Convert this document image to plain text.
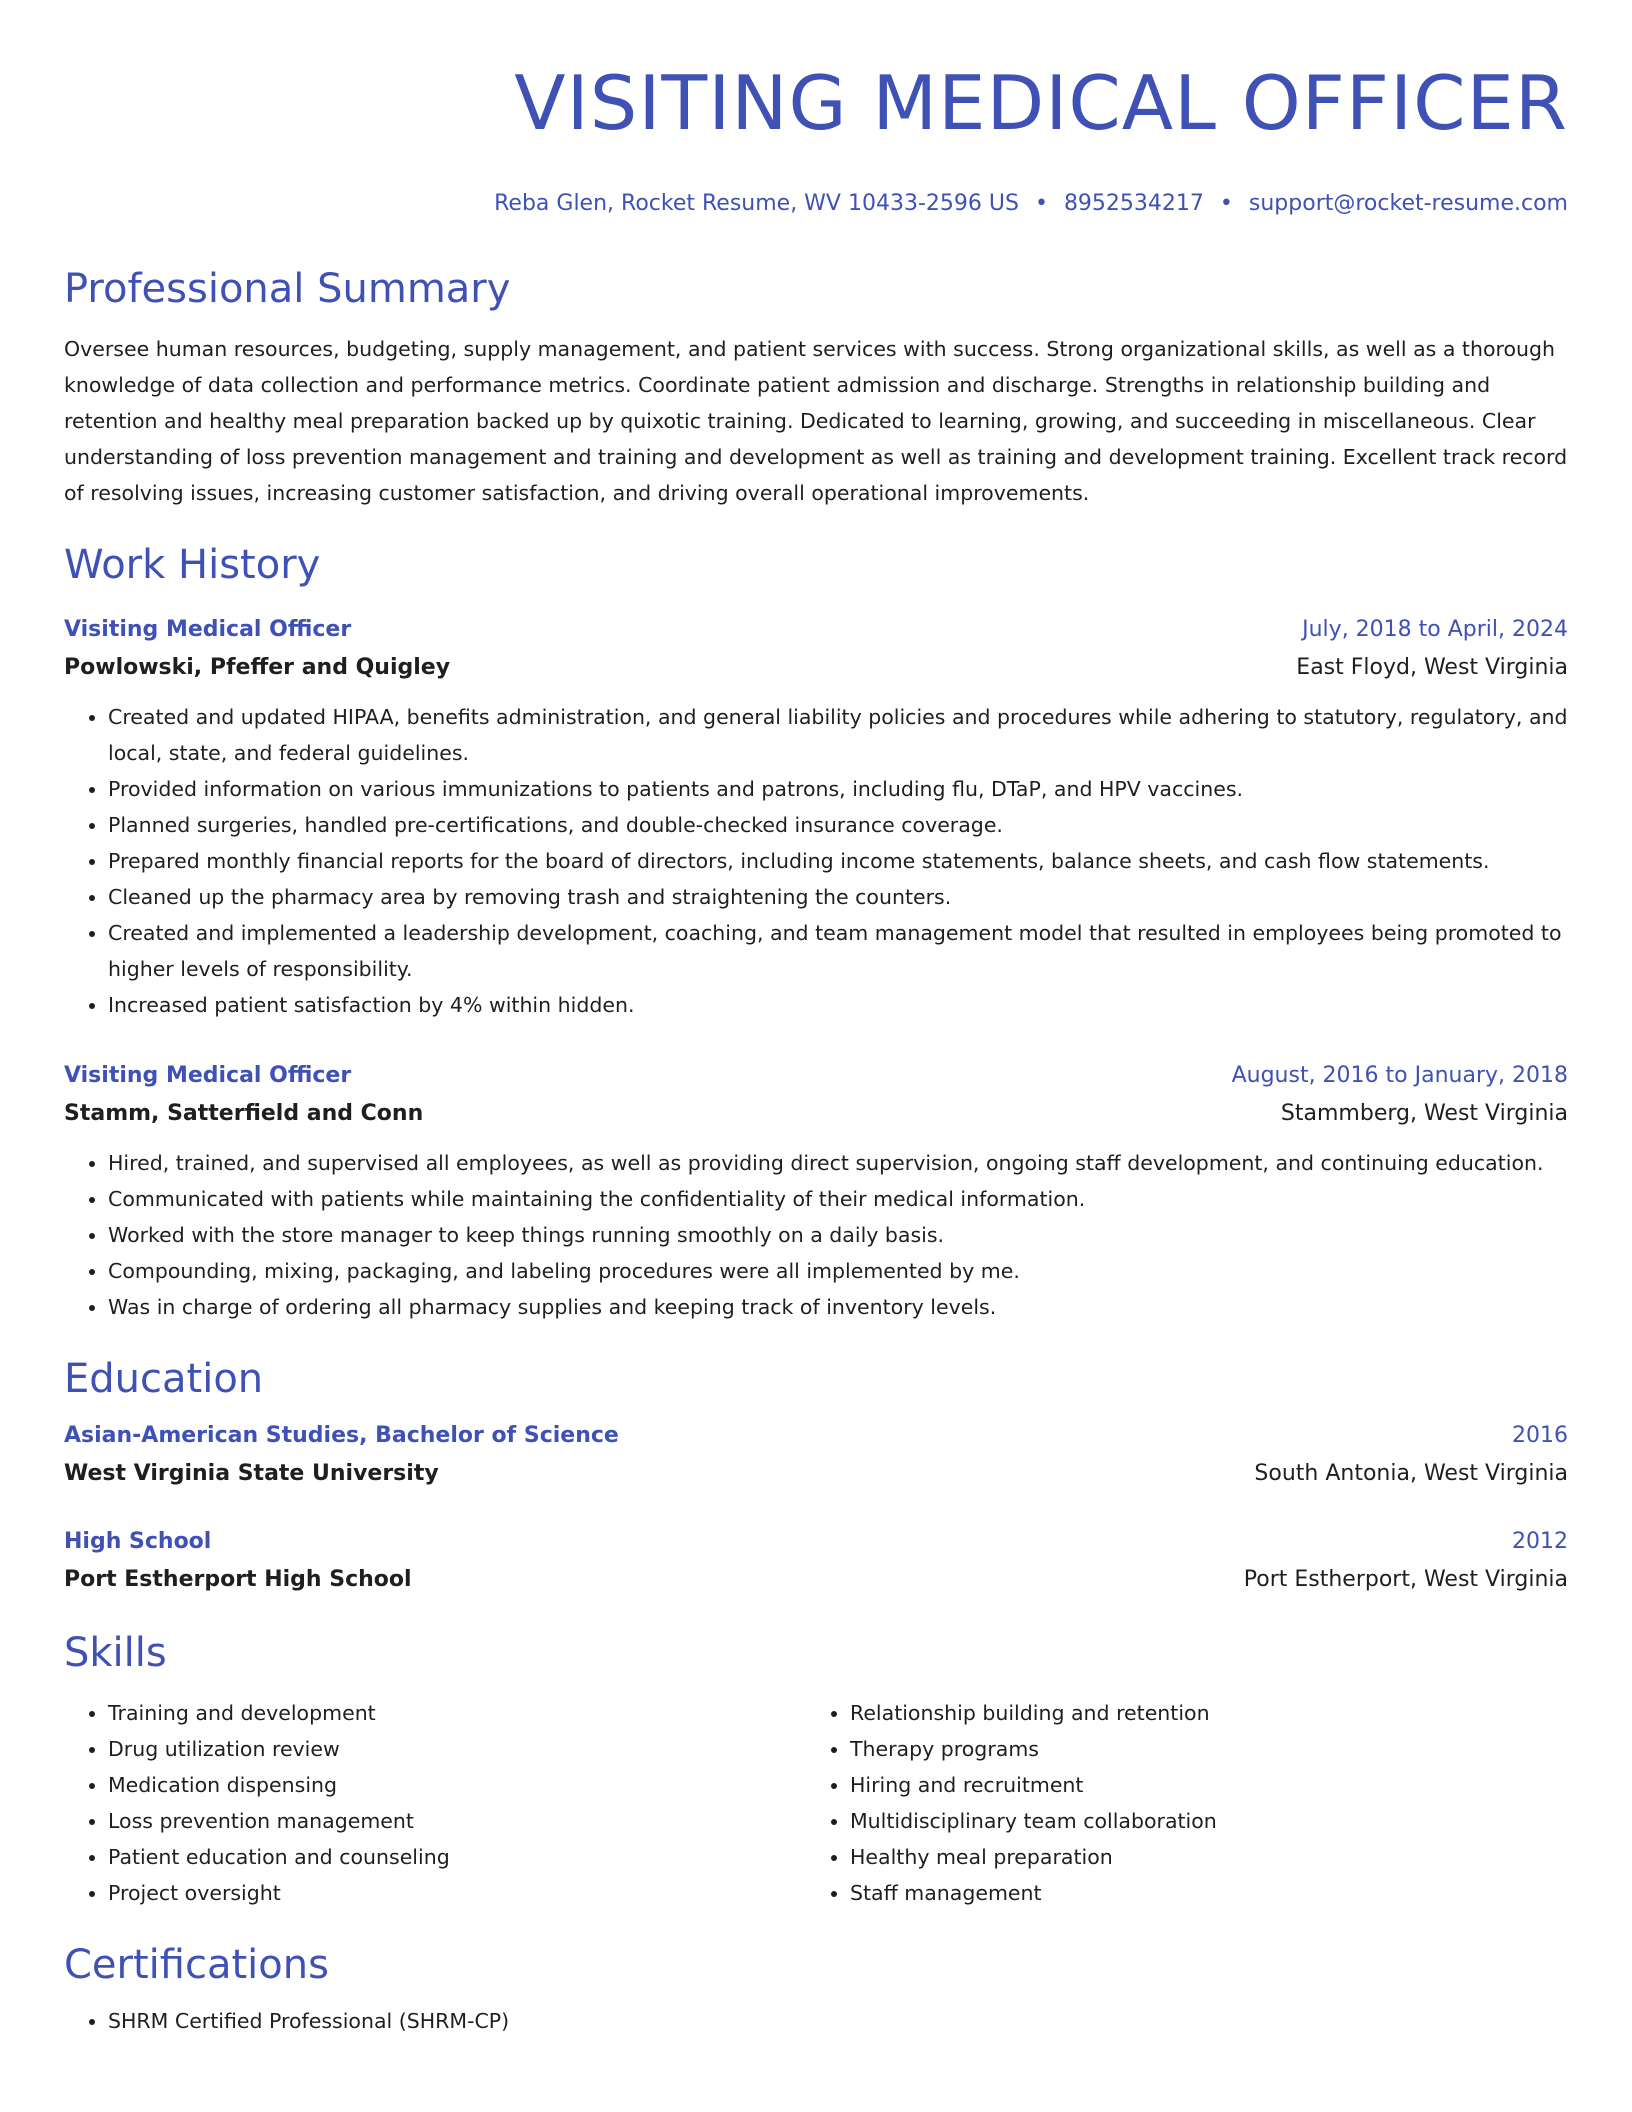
VISITING MEDICAL OFFICER
Reba Glen, Rocket Resume, WV 10433-2596 US • 8952534217 • support@rocket-resume.com
Professional Summary
Oversee human resources, budgeting, supply management, and patient services with success. Strong organizational skills, as well as a thorough knowledge of data collection and performance metrics. Coordinate patient admission and discharge. Strengths in relationship building and retention and healthy meal preparation backed up by quixotic training. Dedicated to learning, growing, and succeeding in miscellaneous. Clear understanding of loss prevention management and training and development as well as training and development training. Excellent track record of resolving issues, increasing customer satisfaction, and driving overall operational improvements.
Work History
Visiting Medical Officer	July, 2018 to April, 2024
Powlowski, Pfeffer and Quigley	East Floyd, West Virginia
• Created and updated HIPAA, benefits administration, and general liability policies and procedures while adhering to statutory, regulatory, and local, state, and federal guidelines.
• Provided information on various immunizations to patients and patrons, including flu, DTaP, and HPV vaccines.
• Planned surgeries, handled pre-certifications, and double-checked insurance coverage.
• Prepared monthly financial reports for the board of directors, including income statements, balance sheets, and cash flow statements.
• Cleaned up the pharmacy area by removing trash and straightening the counters.
• Created and implemented a leadership development, coaching, and team management model that resulted in employees being promoted to higher levels of responsibility.
• Increased patient satisfaction by 4% within hidden.
Visiting Medical Officer	August, 2016 to January, 2018
Stamm, Satterfield and Conn	Stammberg, West Virginia
• Hired, trained, and supervised all employees, as well as providing direct supervision, ongoing staff development, and continuing education.
• Communicated with patients while maintaining the confidentiality of their medical information.
• Worked with the store manager to keep things running smoothly on a daily basis.
• Compounding, mixing, packaging, and labeling procedures were all implemented by me.
• Was in charge of ordering all pharmacy supplies and keeping track of inventory levels.
Education
Asian-American Studies, Bachelor of Science	2016
West Virginia State University	South Antonia, West Virginia
High School	2012
Port Estherport High School	Port Estherport, West Virginia
Skills
• Training and development
• Drug utilization review
• Medication dispensing
• Loss prevention management
• Patient education and counseling
• Project oversight
• Relationship building and retention
• Therapy programs
• Hiring and recruitment
• Multidisciplinary team collaboration
• Healthy meal preparation
• Staff management
Certifications
• SHRM Certified Professional (SHRM-CP)
